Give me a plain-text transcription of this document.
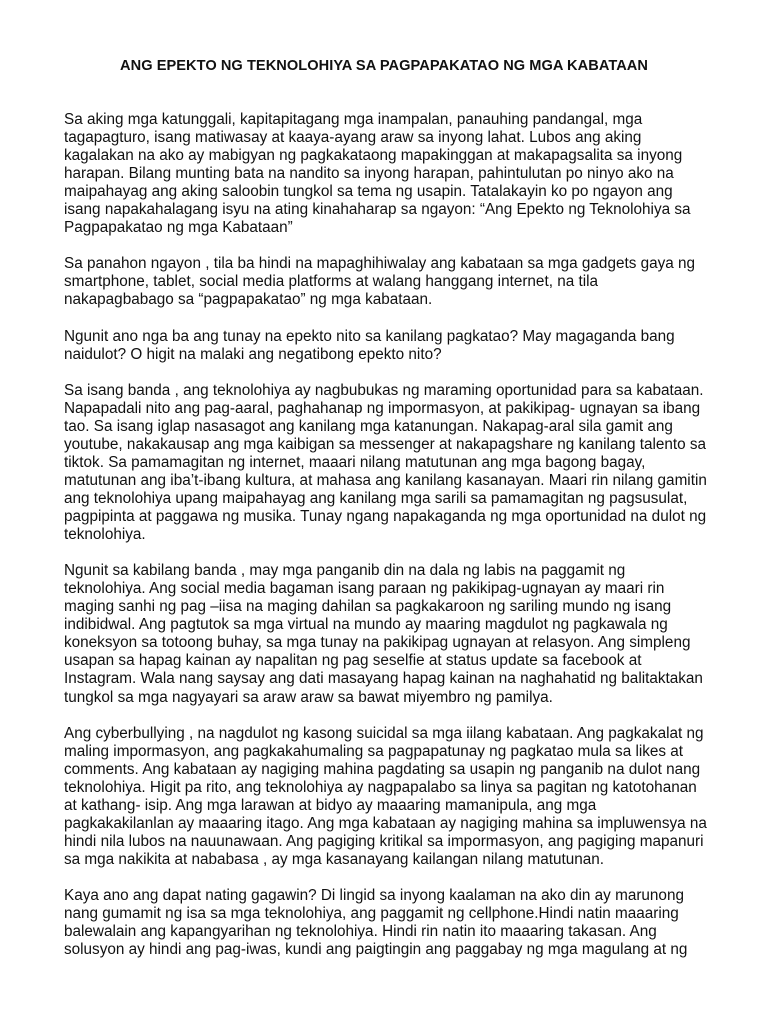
ANG EPEKTO NG TEKNOLOHIYA SA PAGPAPAKATAO NG MGA KABATAAN

Sa aking mga katunggali, kapitapitagang mga inampalan, panauhing pandangal, mga
tagapagturo, isang matiwasay at kaaya-ayang araw sa inyong lahat. Lubos ang aking
kagalakan na ako ay mabigyan ng pagkakataong mapakinggan at makapagsalita sa inyong
harapan. Bilang munting bata na nandito sa inyong harapan, pahintulutan po ninyo ako na
maipahayag ang aking saloobin tungkol sa tema ng usapin. Tatalakayin ko po ngayon ang
isang napakahalagang isyu na ating kinahaharap sa ngayon: “Ang Epekto ng Teknolohiya sa
Pagpapakatao ng mga Kabataan”

Sa panahon ngayon , tila ba hindi na mapaghihiwalay ang kabataan sa mga gadgets gaya ng
smartphone, tablet, social media platforms at walang hanggang internet, na tila
nakapagbabago sa “pagpapakatao” ng mga kabataan.

Ngunit ano nga ba ang tunay na epekto nito sa kanilang pagkatao? May magaganda bang
naidulot? O higit na malaki ang negatibong epekto nito?

Sa isang banda , ang teknolohiya ay nagbubukas ng maraming oportunidad para sa kabataan.
Napapadali nito ang pag-aaral, paghahanap ng impormasyon, at pakikipag- ugnayan sa ibang
tao. Sa isang iglap nasasagot ang kanilang mga katanungan. Nakapag-aral sila gamit ang
youtube, nakakausap ang mga kaibigan sa messenger at nakapagshare ng kanilang talento sa
tiktok. Sa pamamagitan ng internet, maaari nilang matutunan ang mga bagong bagay,
matutunan ang iba’t-ibang kultura, at mahasa ang kanilang kasanayan. Maari rin nilang gamitin
ang teknolohiya upang maipahayag ang kanilang mga sarili sa pamamagitan ng pagsusulat,
pagpipinta at paggawa ng musika. Tunay ngang napakaganda ng mga oportunidad na dulot ng
teknolohiya.

Ngunit sa kabilang banda , may mga panganib din na dala ng labis na paggamit ng
teknolohiya. Ang social media bagaman isang paraan ng pakikipag-ugnayan ay maari rin
maging sanhi ng pag –iisa na maging dahilan sa pagkakaroon ng sariling mundo ng isang
indibidwal. Ang pagtutok sa mga virtual na mundo ay maaring magdulot ng pagkawala ng
koneksyon sa totoong buhay, sa mga tunay na pakikipag ugnayan at relasyon. Ang simpleng
usapan sa hapag kainan ay napalitan ng pag seselfie at status update sa facebook at
Instagram. Wala nang saysay ang dati masayang hapag kainan na naghahatid ng balitaktakan
tungkol sa mga nagyayari sa araw araw sa bawat miyembro ng pamilya.

Ang cyberbullying , na nagdulot ng kasong suicidal sa mga iilang kabataan. Ang pagkakalat ng
maling impormasyon, ang pagkakahumaling sa pagpapatunay ng pagkatao mula sa likes at
comments. Ang kabataan ay nagiging mahina pagdating sa usapin ng panganib na dulot nang
teknolohiya. Higit pa rito, ang teknolohiya ay nagpapalabo sa linya sa pagitan ng katotohanan
at kathang- isip. Ang mga larawan at bidyo ay maaaring mamanipula, ang mga
pagkakakilanlan ay maaaring itago. Ang mga kabataan ay nagiging mahina sa impluwensya na
hindi nila lubos na nauunawaan. Ang pagiging kritikal sa impormasyon, ang pagiging mapanuri
sa mga nakikita at nababasa , ay mga kasanayang kailangan nilang matutunan.

Kaya ano ang dapat nating gagawin? Di lingid sa inyong kaalaman na ako din ay marunong
nang gumamit ng isa sa mga teknolohiya, ang paggamit ng cellphone.Hindi natin maaaring
balewalain ang kapangyarihan ng teknolohiya. Hindi rin natin ito maaaring takasan. Ang
solusyon ay hindi ang pag-iwas, kundi ang paigtingin ang paggabay ng mga magulang at ng
